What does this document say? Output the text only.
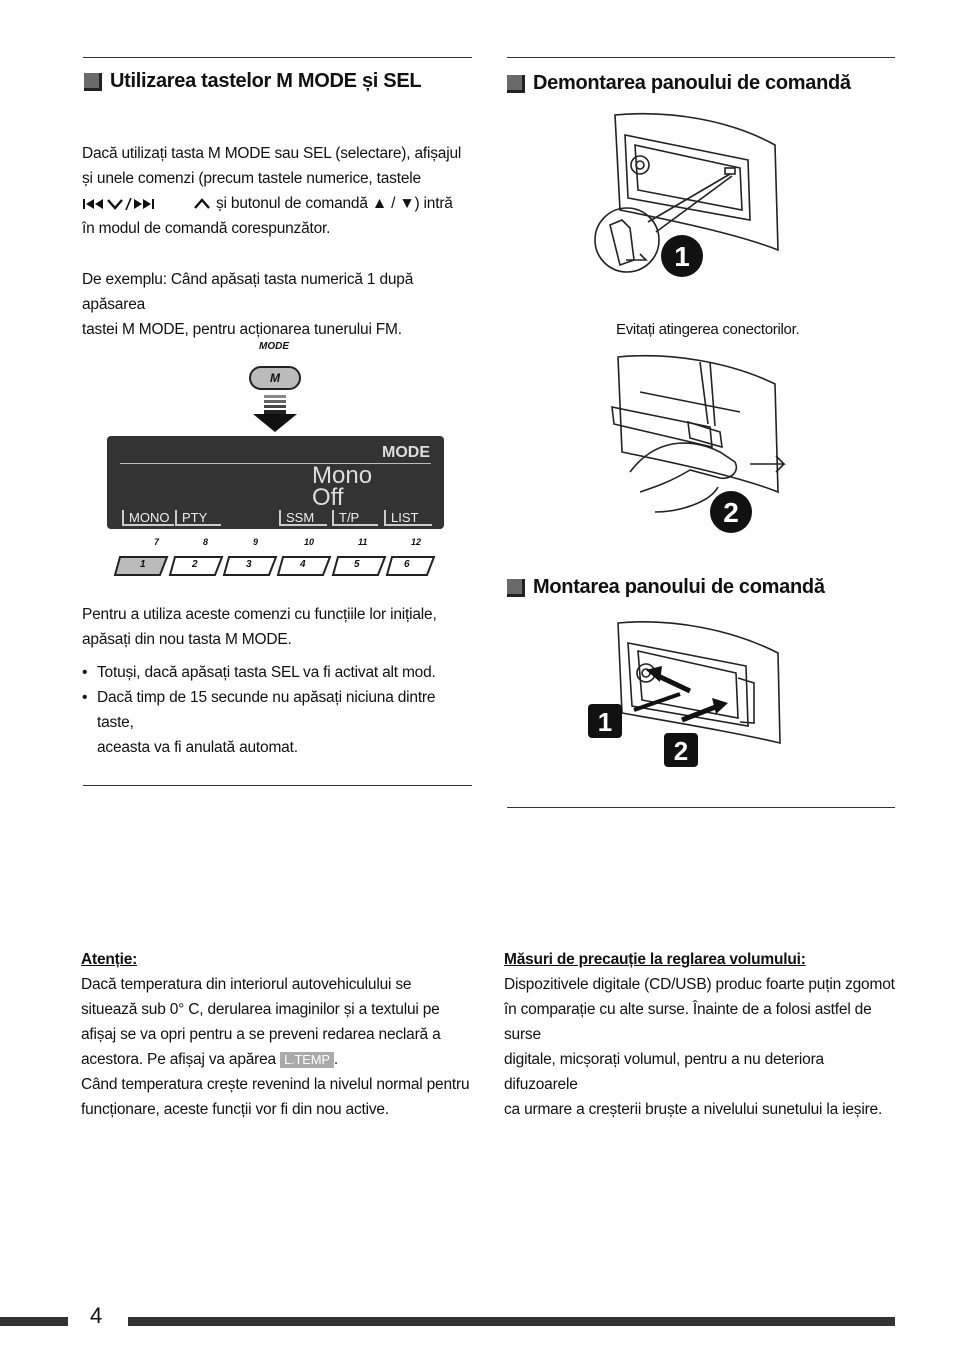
Utilizarea tastelor M MODE și SEL

Dacă utilizați tasta M MODE sau SEL (selectare), afișajul

și unele comenzi (precum tastele numerice, tastele

și butonul de comandă ▲ / ▼) intră

în modul de comandă corespunzător.

De exemplu: Când apăsați tasta numerică 1 după apăsarea

tastei M MODE, pentru acționarea tunerului FM.

MODE
M
MODE
Mono
Off
MONO PTY	SSM	T/P	LIST
7	8	9	10	11	12
1	2	3	4	5	6

Pentru a utiliza aceste comenzi cu funcțiile lor inițiale,

apăsați din nou tasta M MODE.

• Totuși, dacă apăsați tasta SEL va fi activat alt mod.
• Dacă timp de 15 secunde nu apăsați niciuna dintre taste,
aceasta va fi anulată automat.
Demontarea panoului de comandă
1
Evitați atingerea conectorilor.
2
Montarea panoului de comandă
1
2

Atenție:

Dacă temperatura din interiorul autovehiculului se

situează sub 0° C, derularea imaginilor și a textului pe

afișaj se va opri pentru a se preveni redarea neclară a

acestora. Pe afișaj va apărea L.TEMP .

Când temperatura crește revenind la nivelul normal pentru

funcționare, aceste funcții vor fi din nou active.

Măsuri de precauție la reglarea volumului:

Dispozitivele digitale (CD/USB) produc foarte puțin zgomot

în comparație cu alte surse. Înainte de a folosi astfel de surse

digitale, micșorați volumul, pentru a nu deteriora difuzoarele

ca urmare a creșterii bruște a nivelului sunetului la ieșire.

4
